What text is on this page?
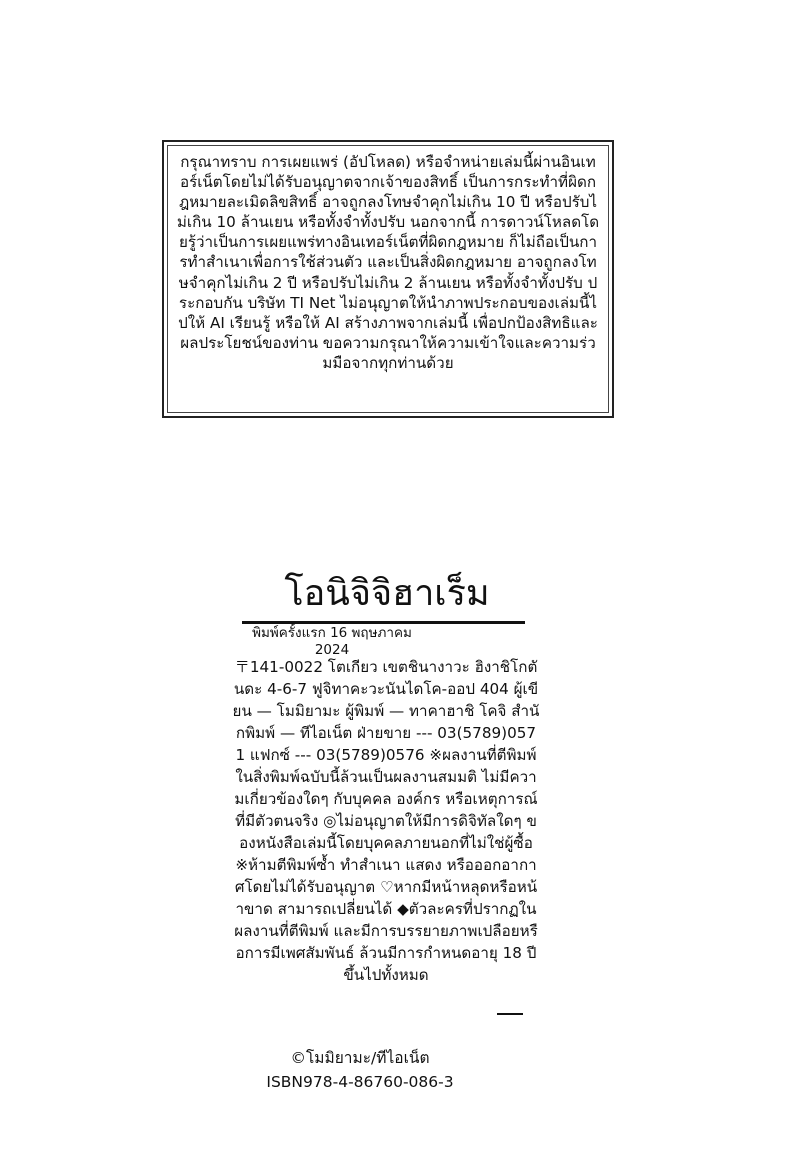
กรุณาทราบ การเผยแพร่ (อัปโหลด) หรือจำหน่ายเล่มนี้ผ่านอินเทอร์เน็ตโดยไม่ได้รับอนุญาตจากเจ้าของสิทธิ์ เป็นการกระทำที่ผิดกฎหมายละเมิดลิขสิทธิ์ อาจถูกลงโทษจำคุกไม่เกิน 10 ปี หรือปรับไม่เกิน 10 ล้านเยน หรือทั้งจำทั้งปรับ นอกจากนี้ การดาวน์โหลดโดยรู้ว่าเป็นการเผยแพร่ทางอินเทอร์เน็ตที่ผิดกฎหมาย ก็ไม่ถือเป็นการทำสำเนาเพื่อการใช้ส่วนตัว และเป็นสิ่งผิดกฎหมาย อาจถูกลงโทษจำคุกไม่เกิน 2 ปี หรือปรับไม่เกิน 2 ล้านเยน หรือทั้งจำทั้งปรับ ประกอบกัน บริษัท TI Net ไม่อนุญาตให้นำภาพประกอบของเล่มนี้ไปให้ AI เรียนรู้ หรือให้ AI สร้างภาพจากเล่มนี้ เพื่อปกป้องสิทธิและผลประโยชน์ของท่าน ขอความกรุณาให้ความเข้าใจและความร่วมมือจากทุกท่านด้วย

โอนิจิจิฮาเร็ม
พิมพ์ครั้งแรก 16 พฤษภาคม 2024

〒141-0022 โตเกียว เขตชินางาวะ ฮิงาชิโกตันดะ 4-6-7 ฟูจิทาคะวะนันไดโค-ออป 404 ผู้เขียน — โมมิยามะ ผู้พิมพ์ — ทาคาฮาชิ โคจิ สำนักพิมพ์ — ทีไอเน็ต ฝ่ายขาย --- 03(5789)0571 แฟกซ์ --- 03(5789)0576 ※ผลงานที่ตีพิมพ์ในสิ่งพิมพ์ฉบับนี้ล้วนเป็นผลงานสมมติ ไม่มีความเกี่ยวข้องใดๆ กับบุคคล องค์กร หรือเหตุการณ์ที่มีตัวตนจริง ◎ไม่อนุญาตให้มีการดิจิทัลใดๆ ของหนังสือเล่มนี้โดยบุคคลภายนอกที่ไม่ใช่ผู้ซื้อ ※ห้ามตีพิมพ์ซ้ำ ทำสำเนา แสดง หรือออกอากาศโดยไม่ได้รับอนุญาต ♡หากมีหน้าหลุดหรือหน้าขาด สามารถเปลี่ยนได้ ◆ตัวละครที่ปรากฏในผลงานที่ตีพิมพ์ และมีการบรรยายภาพเปลือยหรือการมีเพศสัมพันธ์ ล้วนมีการกำหนดอายุ 18 ปีขึ้นไปทั้งหมด

©โมมิยามะ/ทีไอเน็ต
ISBN978-4-86760-086-3
